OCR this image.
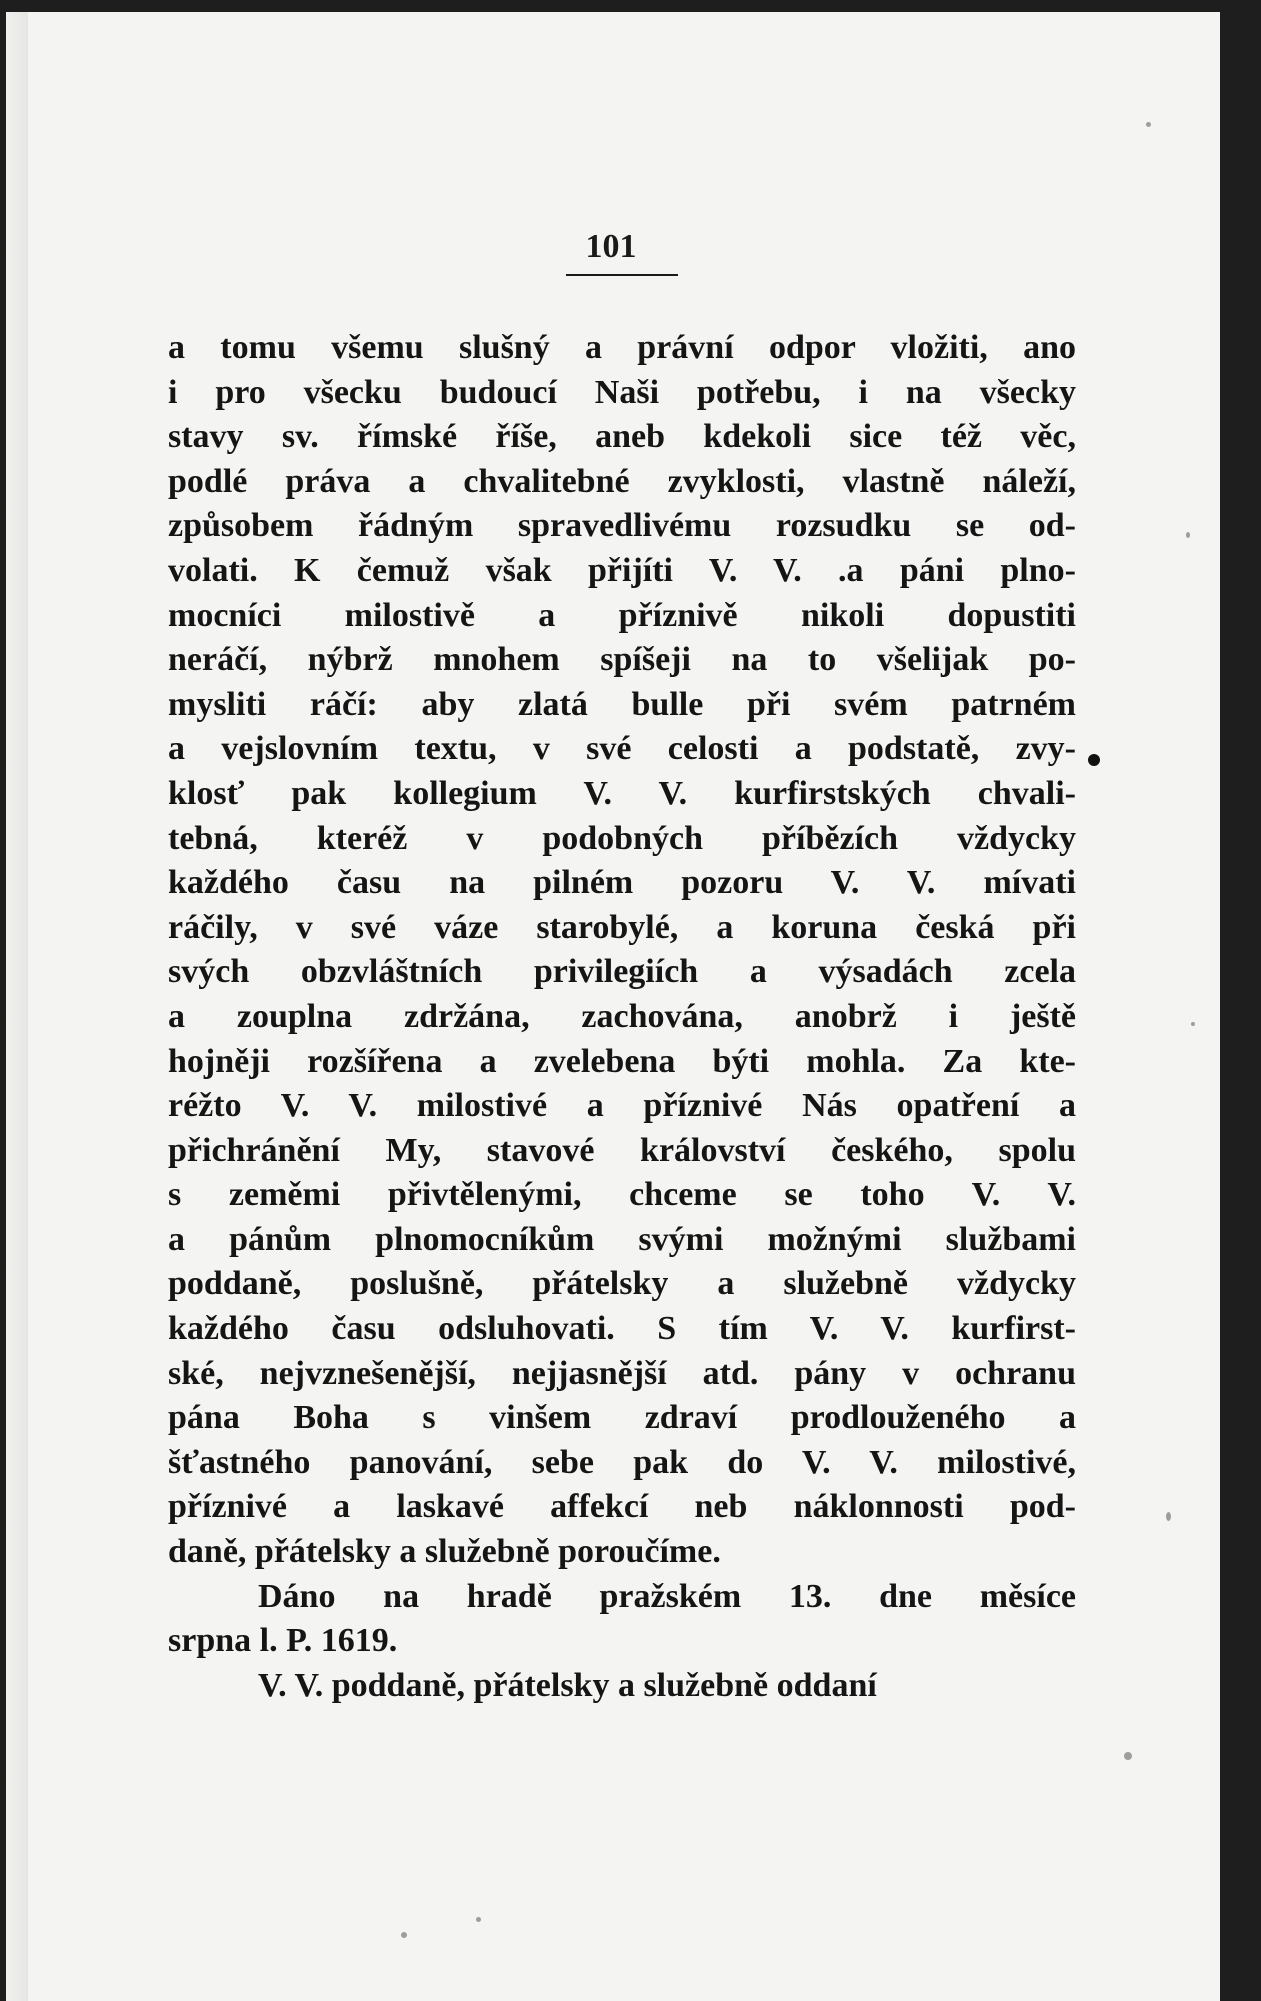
101
a tomu všemu slušný a právní odpor vložiti, ano
i pro všecku budoucí Naši potřebu, i na všecky
stavy sv. římské říše, aneb kdekoli sice též věc,
podlé práva a chvalitebné zvyklosti, vlastně náleží,
způsobem řádným spravedlivému rozsudku se od-
volati. K čemuž však přijíti V. V. .a páni plno-
mocníci milostivě a příznivě nikoli dopustiti
neráčí, nýbrž mnohem spíšeji na to všelijak po-
mysliti ráčí: aby zlatá bulle při svém patrném
a vejslovním textu, v své celosti a podstatě, zvy-
klosť pak kollegium V. V. kurfirstských chvali-
tebná, kteréž v podobných příbězích vždycky
každého času na pilném pozoru V. V. mívati
ráčily, v své váze starobylé, a koruna česká při
svých obzvláštních privilegiích a výsadách zcela
a zouplna zdržána, zachována, anobrž i ještě
hojněji rozšířena a zvelebena býti mohla. Za kte-
réžto V. V. milostivé a příznivé Nás opatření a
přichránění My, stavové království českého, spolu
s zeměmi přivtělenými, chceme se toho V. V.
a pánům plnomocníkům svými možnými službami
poddaně, poslušně, přátelsky a služebně vždycky
každého času odsluhovati. S tím V. V. kurfirst-
ské, nejvznešenější, nejjasnější atd. pány v ochranu
pána Boha s vinšem zdraví prodlouženého a
šťastného panování, sebe pak do V. V. milostivé,
příznivé a laskavé affekcí neb náklonnosti pod-
daně, přátelsky a služebně poroučíme.
Dáno na hradě pražském 13. dne měsíce
srpna l. P. 1619.
V. V. poddaně, přátelsky a služebně oddaní
